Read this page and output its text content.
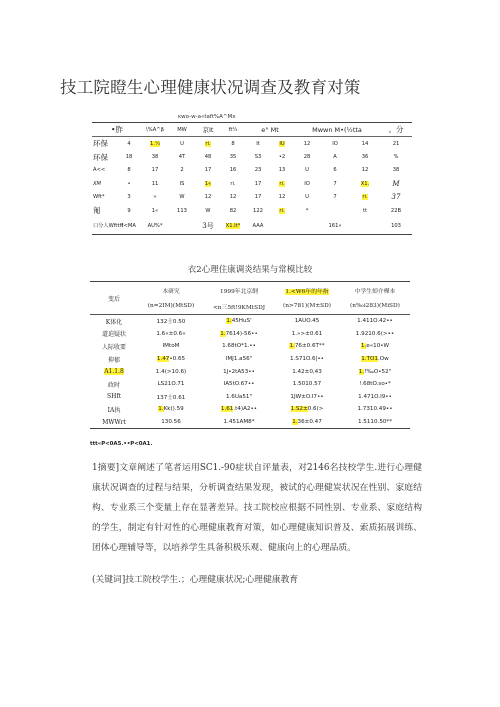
技工院瞪生心理健康状况调查及教育对策
ĸwo-w-a«taft%A^Mx
•胙		\%A^β	MW	京It	ft¼	e° Mt		Mwwn M•(½tta			。分
环保	4	1.¼	U	ri.	8	It	IU	12	IO	14	21
环保	18	38	4T	48	35	S3	•2	28	A	36	%
A<<	8	17	2	17	16	23	13	U	6	12	38
XM	•	11	IS	1«	ri.	17	ri.	IO	7	X1.	M
Wft*	3	»	W	12	12	17	12	U	7	ri.	37
匍	9	1«	113	W	82	122	ri.	*		tt	22B
口分人Wfttff	l<MA	AU%*		3号	X1.It*	AAA			161«		103
衣2心理住康调炎结果与常模比较
变后	本研究	1999年北京纲	1.<W6年的年指	中学生焯介樺本
	(n=2IM)(MtSD)	<n三5ft!9KMtSDJ	(n>781)(M±SD)	(n‰i283)(MiSD)
K体化	132士0.50	1.45HuS'	1AUO.45	1.411O.42••
道迫疑状	1.6«±0.6«	1.7614)-56••	1.»>±0.61	1.9210.6(>••
人际收要	IMtoM	1.68tO*1.••	1.76±0.6T**	1.e«10•W
抑郁	1.47•0.65	IMJ1.a56"	1.S71O.6|••	1.TO1.Ow
A1.1.8	1.4(>10.6)	1J•2tA53••	1.42±0,43	1.!‰O•52"
政时	LS21O.71	IA5tO.67••	1.5010.57	!.68tO.so•*
SHft	137士0.61	1.6Ua51"	1JW±O.I7••	1.471O.I9••
IA执	1.Kk().59	1.61.t4)A2••	1.S2±0.6(>	1.7310.49••
MWWrt	130.56	1.451AM8*	1.36±0.47	1.5110.50**
ttt«P<0A5.••P<0A1.
1摘要]文章阐述了笔者运用SC1.-90症状自评量表，对2146名技校学生.进行心理健康状况调查的过程与结果，分析调查结果发现，被试的心理健炭状况在性别、家庭结构、专业系三个变量上存在显著差异。技工院校应根据不同性别、专业系、家庭结构的学生，制定有针对性的心理健康教育对策，如心理健康知识普及、索质拓展训练、团体心理辅导等，以培养学生具备积极乐观、健康向上的心理品质。
(关键词]技工院校学生.；心理健康状况;心理健康教育
